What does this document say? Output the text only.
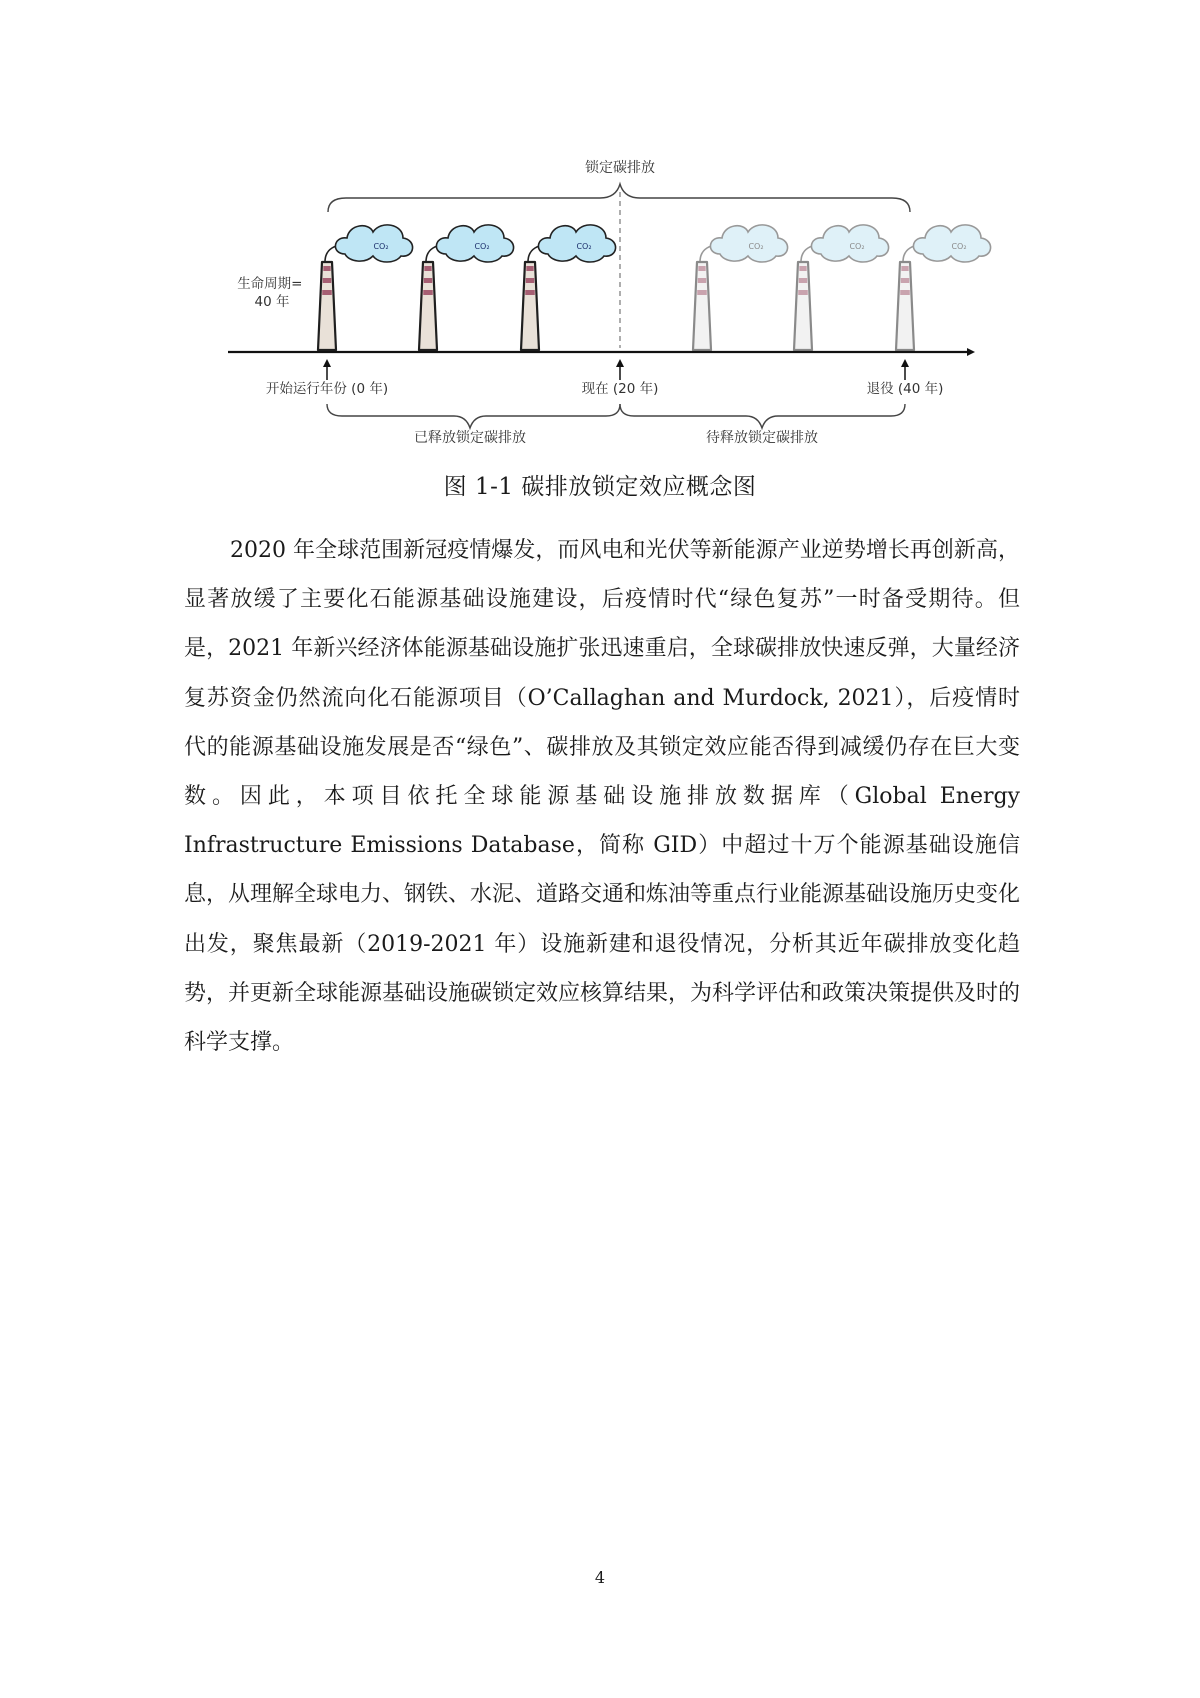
锁定碳排放
生命周期= 40 年
CO₂	CO₂	CO₂	CO₂	CO₂	CO₂
开始运行年份 (0 年)	现在 (20 年)	退役 (40 年)
已释放锁定碳排放	待释放锁定碳排放
图 1-1 碳排放锁定效应概念图

2020 年全球范围新冠疫情爆发，而风电和光伏等新能源产业逆势增长再创新高，显著放缓了主要化石能源基础设施建设，后疫情时代“绿色复苏”一时备受期待。但是，2021 年新兴经济体能源基础设施扩张迅速重启，全球碳排放快速反弹，大量经济复苏资金仍然流向化石能源项目（O’Callaghan and Murdock, 2021），后疫情时代的能源基础设施发展是否“绿色”、碳排放及其锁定效应能否得到减缓仍存在巨大变数。因此，本项目依托全球能源基础设施排放数据库（Global Energy Infrastructure Emissions Database，简称 GID）中超过十万个能源基础设施信息，从理解全球电力、钢铁、水泥、道路交通和炼油等重点行业能源基础设施历史变化出发，聚焦最新（2019-2021 年）设施新建和退役情况，分析其近年碳排放变化趋势，并更新全球能源基础设施碳锁定效应核算结果，为科学评估和政策决策提供及时的科学支撑。

4
